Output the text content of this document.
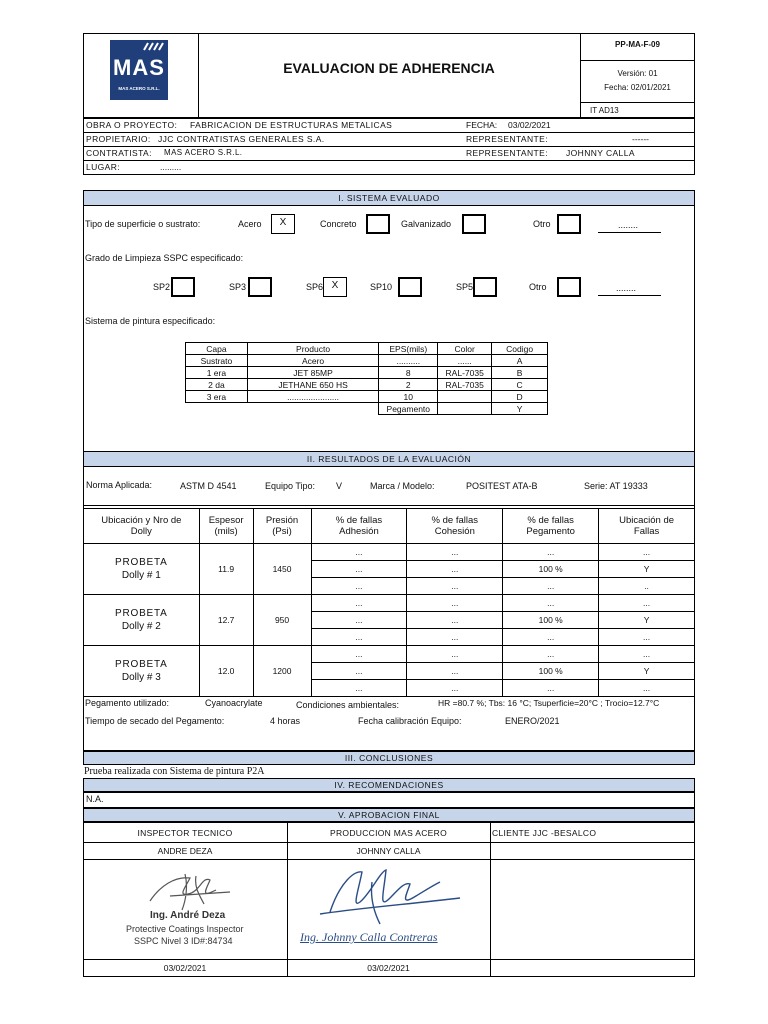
MAS
MAS ACERO S.R.L.
EVALUACION DE ADHERENCIA
PP-MA-F-09
Versión: 01
Fecha: 02/01/2021
IT AD13
OBRA O PROYECTO: FABRICACION DE ESTRUCTURAS METALICAS	FECHA: 03/02/2021
PROPIETARIO: JJC CONTRATISTAS GENERALES S.A.	REPRESENTANTE:	------
CONTRATISTA: MAS ACERO S.R.L.	REPRESENTANTE: JOHNNY CALLA
LUGAR:	.........
I. SISTEMA EVALUADO
Tipo de superficie o sustrato:	Acero	X	Concreto	Galvanizado	Otro	........
Grado de Limpieza SSPC especificado:
SP2	SP3	SP6 X	SP10	SP5	Otro	........
Sistema de pintura especificado:
Capa	Producto	EPS(mils)	Color	Codigo
Sustrato	Acero	..........	......	A
1 era	JET 85MP	8	RAL-7035	B
2 da	JETHANE 650 HS	2	RAL-7035	C
3 era	......................	10		D
		Pegamento		Y
II. RESULTADOS DE LA EVALUACIÓN
Norma Aplicada:	ASTM D 4541	Equipo Tipo: V	Marca / Modelo:	POSITEST ATA-B	Serie: AT 19333
Ubicación y Nro de Dolly	Espesor (mils)	Presión (Psi)	% de fallas Adhesión	% de fallas Cohesión	% de fallas Pegamento	Ubicación de Fallas

PROBETA
Dolly # 1	11.9	1450	...	...	...	...
			...	...	100 %	Y
			...	...	...	..

PROBETA
Dolly # 2	12.7	950	...	...	...	...
			...	...	100 %	Y
			...	...	...	...

PROBETA
Dolly # 3	12.0	1200	...	...	...	...
			...	...	100 %	Y
			...	...	...	...
Pegamento utilizado:	Cyanoacrylate	Condiciones ambientales:	HR =80.7 %; Tbs: 16 °C; Tsuperficie=20°C ; Trocio=12.7°C
Tiempo de secado del Pegamento:	4 horas	Fecha calibración Equipo:	ENERO/2021
III. CONCLUSIONES
Prueba realizada con Sistema de pintura P2A
IV. RECOMENDACIONES
N.A.
V. APROBACION FINAL
INSPECTOR TECNICO	PRODUCCION MAS ACERO	CLIENTE JJC -BESALCO
ANDRE DEZA	JOHNNY CALLA
Ing. André Deza
Protective Coatings Inspector
SSPC Nivel 3 ID#:84734	Ing. Johnny Calla Contreras
03/02/2021	03/02/2021
